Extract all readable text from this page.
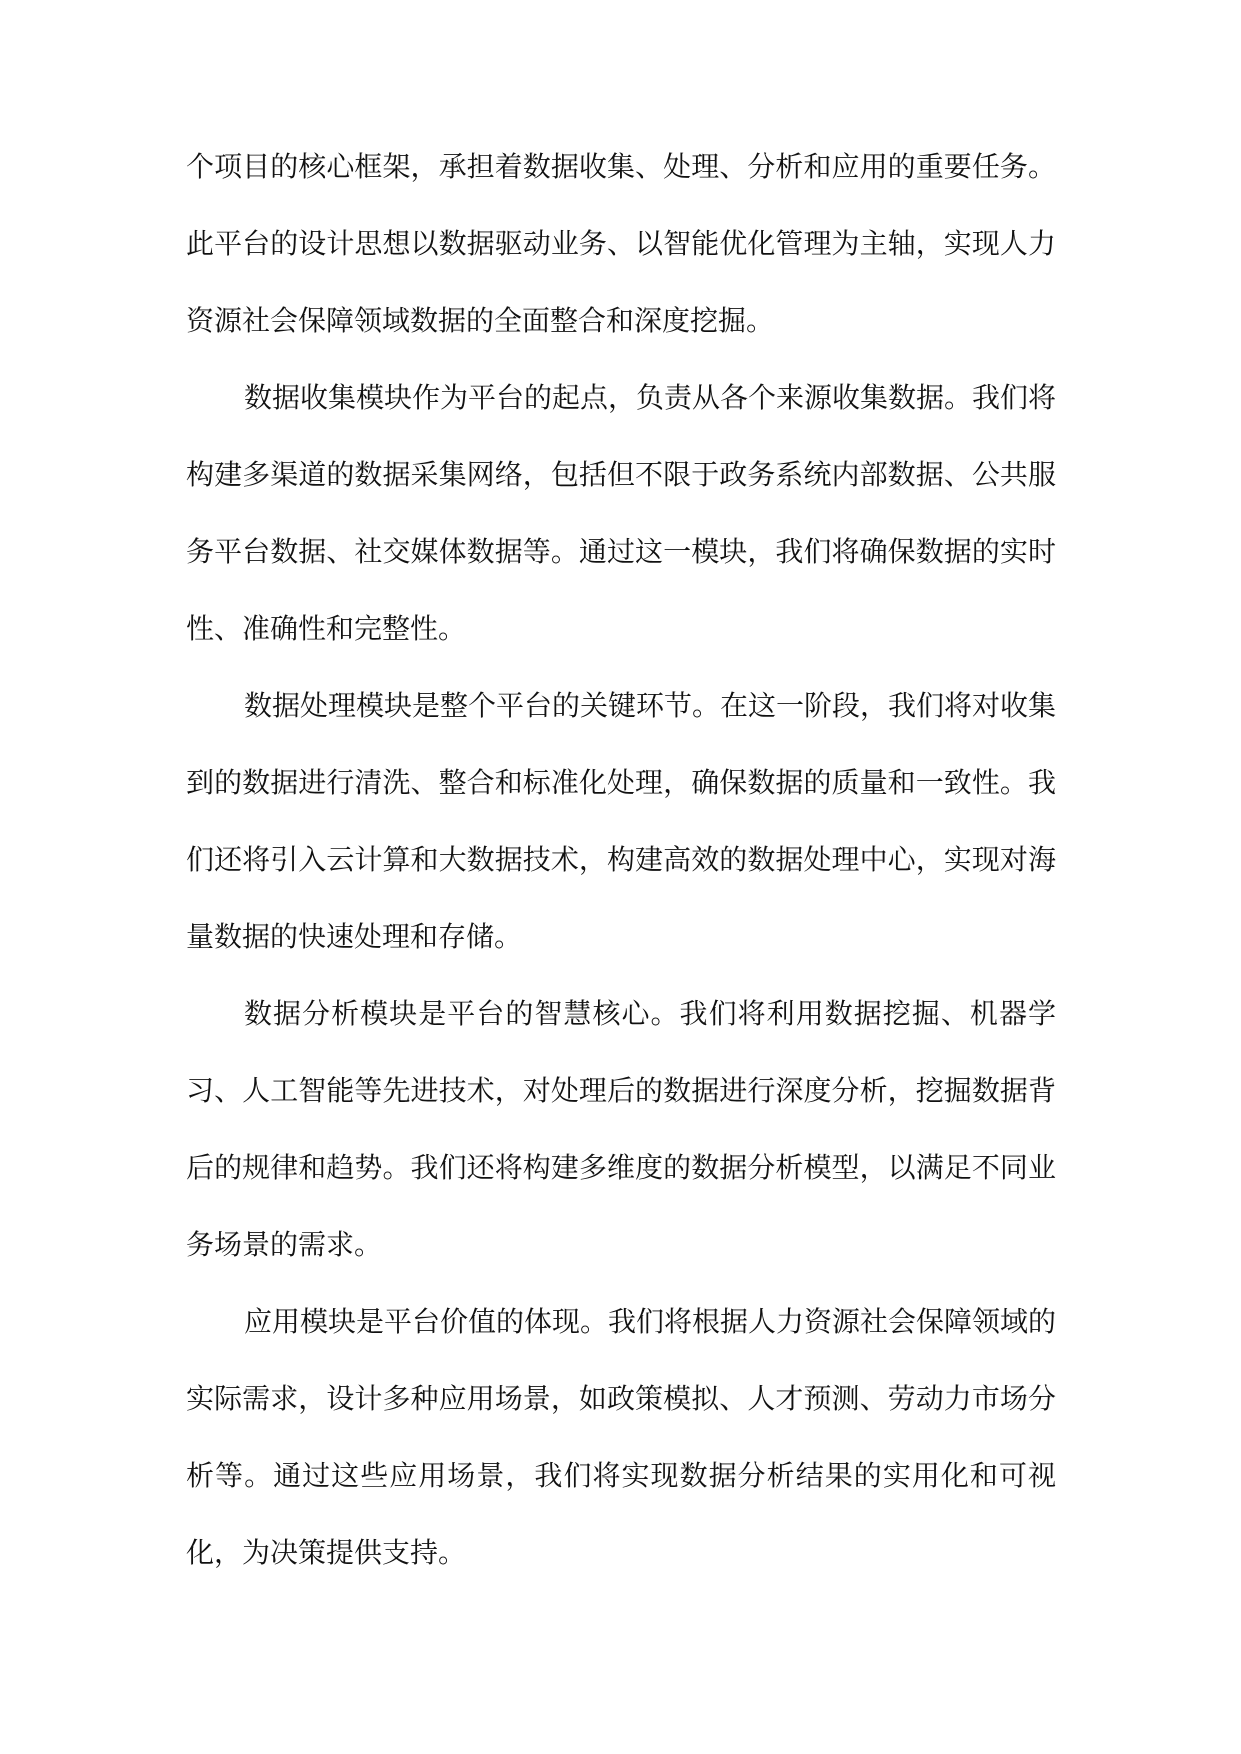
个项目的核心框架，承担着数据收集、处理、分析和应用的重要任务。此平台的设计思想以数据驱动业务、以智能优化管理为主轴，实现人力资源社会保障领域数据的全面整合和深度挖掘。

数据收集模块作为平台的起点，负责从各个来源收集数据。我们将构建多渠道的数据采集网络，包括但不限于政务系统内部数据、公共服务平台数据、社交媒体数据等。通过这一模块，我们将确保数据的实时性、准确性和完整性。

数据处理模块是整个平台的关键环节。在这一阶段，我们将对收集到的数据进行清洗、整合和标准化处理，确保数据的质量和一致性。我们还将引入云计算和大数据技术，构建高效的数据处理中心，实现对海量数据的快速处理和存储。

数据分析模块是平台的智慧核心。我们将利用数据挖掘、机器学习、人工智能等先进技术，对处理后的数据进行深度分析，挖掘数据背后的规律和趋势。我们还将构建多维度的数据分析模型，以满足不同业务场景的需求。

应用模块是平台价值的体现。我们将根据人力资源社会保障领域的实际需求，设计多种应用场景，如政策模拟、人才预测、劳动力市场分析等。通过这些应用场景，我们将实现数据分析结果的实用化和可视化，为决策提供支持。
